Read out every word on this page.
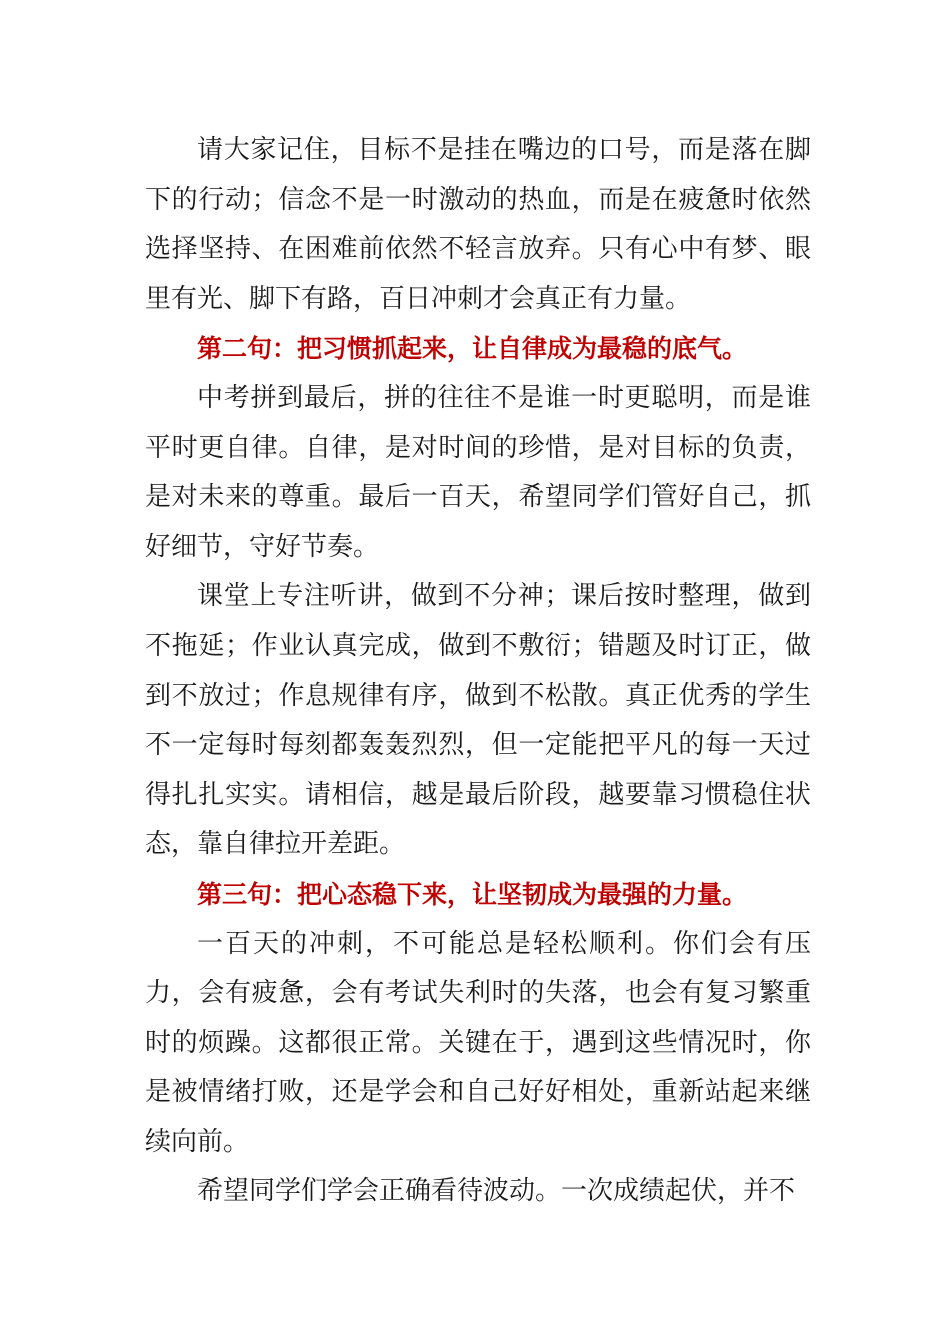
请大家记住，目标不是挂在嘴边的口号，而是落在脚下的行动；信念不是一时激动的热血，而是在疲惫时依然选择坚持、在困难前依然不轻言放弃。只有心中有梦、眼里有光、脚下有路，百日冲刺才会真正有力量。

第二句：把习惯抓起来，让自律成为最稳的底气。

中考拼到最后，拼的往往不是谁一时更聪明，而是谁平时更自律。自律，是对时间的珍惜，是对目标的负责，是对未来的尊重。最后一百天，希望同学们管好自己，抓好细节，守好节奏。

课堂上专注听讲，做到不分神；课后按时整理，做到不拖延；作业认真完成，做到不敷衍；错题及时订正，做到不放过；作息规律有序，做到不松散。真正优秀的学生不一定每时每刻都轰轰烈烈，但一定能把平凡的每一天过得扎扎实实。请相信，越是最后阶段，越要靠习惯稳住状态，靠自律拉开差距。

第三句：把心态稳下来，让坚韧成为最强的力量。

一百天的冲刺，不可能总是轻松顺利。你们会有压力，会有疲惫，会有考试失利时的失落，也会有复习繁重时的烦躁。这都很正常。关键在于，遇到这些情况时，你是被情绪打败，还是学会和自己好好相处，重新站起来继续向前。

希望同学们学会正确看待波动。一次成绩起伏，并不
